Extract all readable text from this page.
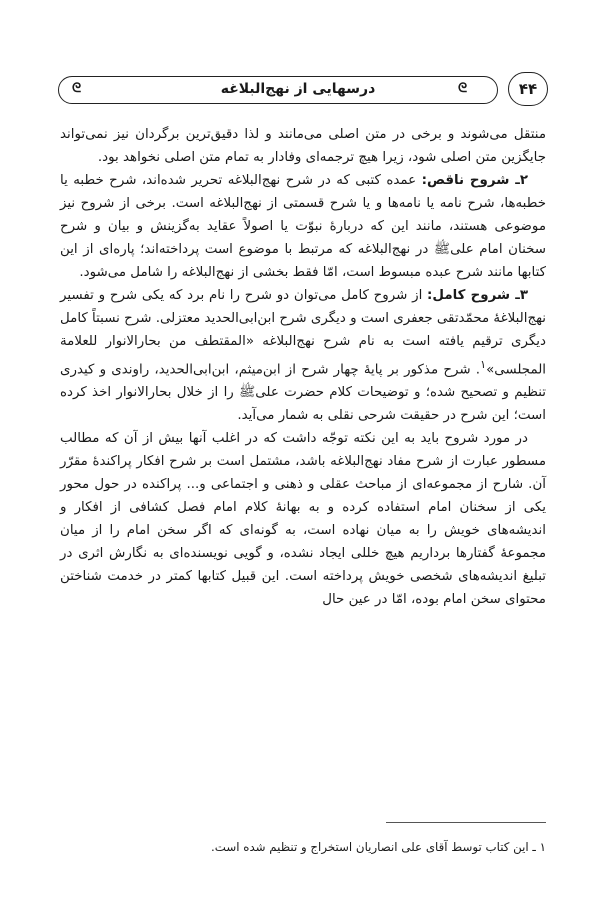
ᘓ	درسهایی از نهج‌البلاغه	ᘓ	۴۴

منتقل می‌شوند و برخی در متن اصلی می‌مانند و لذا دقیق‌ترین برگردان نیز نمی‌تواند جایگزین متن اصلی شود، زیرا هیچ ترجمه‌ای وفادار به تمام متن اصلی نخواهد بود.

۲ـ شروح ناقص: عمده کتبی که در شرح نهج‌البلاغه تحریر شده‌اند، شرح خطبه یا خطبه‌ها، شرح نامه یا نامه‌ها و یا شرح قسمتی از نهج‌البلاغه است. برخی از شروح نیز موضوعی هستند، مانند این که دربارهٔ نبوّت یا اصولاً عقاید به‌گزینش و بیان و شرح سخنان امام علی‌ﷺ در نهج‌البلاغه که مرتبط با موضوع است پرداخته‌اند؛ پاره‌ای از این کتابها مانند شرح عبده مبسوط است، امّا فقط بخشی از نهج‌البلاغه را شامل می‌شود.

۳ـ شروح کامل: از شروح کامل می‌توان دو شرح را نام برد که یکی شرح و تفسیر نهج‌البلاغهٔ محمّدتقی جعفری است و دیگری شرح ابن‌ابی‌الحدید معتزلی. شرح نسبتاً کامل دیگری ترقیم یافته است به نام شرح نهج‌البلاغه «المقتطف من بحارالانوار للعلامة المجلسی»$^۱$. شرح مذکور بر پایهٔ چهار شرح از ابن‌میثم، ابن‌ابی‌الحدید، راوندی و کیدری تنظیم و تصحیح شده؛ و توضیحات کلام حضرت علی‌ﷺ را از خلال بحارالانوار اخذ کرده است؛ این شرح در حقیقت شرحی نقلی به شمار می‌آید.

در مورد شروح باید به این نکته توجّه داشت که در اغلب آنها بیش از آن که مطالب مسطور عبارت از شرح مفاد نهج‌البلاغه باشد، مشتمل است بر شرح افکار پراکندهٔ مقرّر آن. شارح از مجموعه‌ای از مباحث عقلی و ذهنی و اجتماعی و... پراکنده در حول محور یکی از سخنان امام استفاده کرده و به بهانهٔ کلام امام فصل کشافی از افکار و اندیشه‌های خویش را به میان نهاده است، به گونه‌ای که اگر سخن امام را از میان مجموعهٔ گفتارها برداریم هیچ خللی ایجاد نشده، و گویی نویسنده‌ای به نگارش اثری در تبلیغ اندیشه‌های شخصی خویش پرداخته است. این قبیل کتابها کمتر در خدمت شناختن محتوای سخن امام بوده، امّا در عین حال

۱ ـ این کتاب توسط آقای علی انصاریان استخراج و تنظیم شده است.
